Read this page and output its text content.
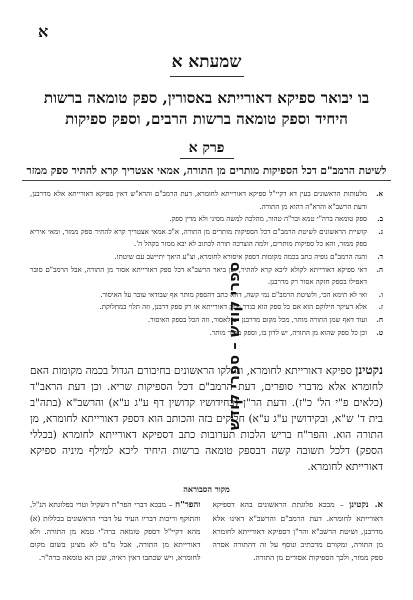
א
שמעתא א
בו יבואר ספיקא דאורייתא באסורין, ספק טומאה ברשות היחיד וספק טומאה ברשות הרבים, וספק ספיקות
פרק א
לשיטת הרמב"ם דכל הספיקות מותרים מן התורה, אמאי אצטריך קרא להתיר ספק ממזר
א.
מלעותות הראשונים בעין דא דקיי"ל ספיקא דאורייתא לחומרא, דעת הרמב"ם והרא"ש דאין ספיקא דאורייתא אלא מדרבנן, ודעת הרשב"א והרא"ה דהוא מן התורה.
ב.
ספק טומאה ברה"י טמא ובר"ה טהור, מהלכה למשה מסיני ולא מדין ספק.
ג.
קושיית הראשונים לשיטת הרמב"ם דכל הספיקות מותרים מן התורה, א"כ אמאי אצטריך קרא להתיר ספק ממזר, ומאי איריא ספק ממזר, והא כל ספיקות מותרים, ולמה הוצרכה תורה לכתוב לא יבא ממזר בקהל ה'.
ד.
והנה הרמב"ם גופיה כתב בכמה מקומות דספק איסורא לחומרא, וצ"ע היאך יתיישב עם שיטתו.
ה.
דאי ספיקא דאורייתא לקולא ליכא קרא להתיר, וכן ביאר הרשב"א דכל ספק דאורייתא אסור מן התורה, אבל הרמב"ם סובר דאפילו בספק חזקה אסור רק מדרבנן.
ו.
ואי לא תימא הכי, ולשיטת הרמב"ם נמי קשה, דהא כתב דהספק מותר אף שבודאי עובר על האיסור.
ז.
אלא דעיקר חילוקם הוא אם כל ספק הוא בגדר ספק דאורייתא או רק ספק דרבנן, וזה תלוי במחלוקת.
ח.
ועוד דאף שמן התורה מותר, מכל מקום מדרבנן יש לאסור, וזה הכל בספק האיסור.
ט.
וכן כל ספק שהוא מן התורה, יש לדון בו, וספק ממזר מותר.
נקטינן ספיקא דאורייתא לחומרא, ונחלקו הראשונים בחיבורם הגדול בכמה מקומות האם לחומרא אלא מדברי סופרים, דעת הרמב"ם דכל הספיקות שריא. וכן דעת הראב"ד (כלאים פ"י הל' כ"ז). ודעת הר"ן (בחידושיו קדושין דף ע"ג ע"א) והרשב"א (בתה"ב בית ד' ש"א, ובקידושין ע"ג ע"א) חלוקים בזה והכותב הוא דספק דאורייתא לחומרא, מן התורה הוא. והפר"ח בריש הלכות תערובות כתב דספיקא דאורייתא לחומרא (בכללי הספק) דלכל תשובה קשה דבספק טומאה ברשות היחיד ליכא למילף מיניה ספיקא דאורייתא לחומרא.
ספרי קודש – ספרי קודש
מקור הסבוראה
א. נקטינן – מבכא פלוגתת הראשונים בהא דספיקא דאורייתא לחומרא. דעת הרמב"ם והרשב"א דאינו אלא מדרבנן, ושיטת הרשב"א והר"ן דספיקא דאורייתא לחומרא מן התורה, ומקורם מדכתיב ונוסף על זה דהתורה אסרה ספק ממזר, ולכך הספיקות אסורים מן התורה.
והפר"ח – מבכא דברי הפר"ח דשקיל וטרי בפלוגתא הנ"ל, והתוקף וריכות דבריו העיד על דברי הראשונים בכללות (א) מהא דקיי"ל דספק טומאה ברה"י טמא מן התורה. ולא דאורייתא מן התורה, אבל מ"מ לא מצינן בשום מקום לחומרא, ויש שכתבו דאין ראיה, שכן הא טומאה ברה"ר.
